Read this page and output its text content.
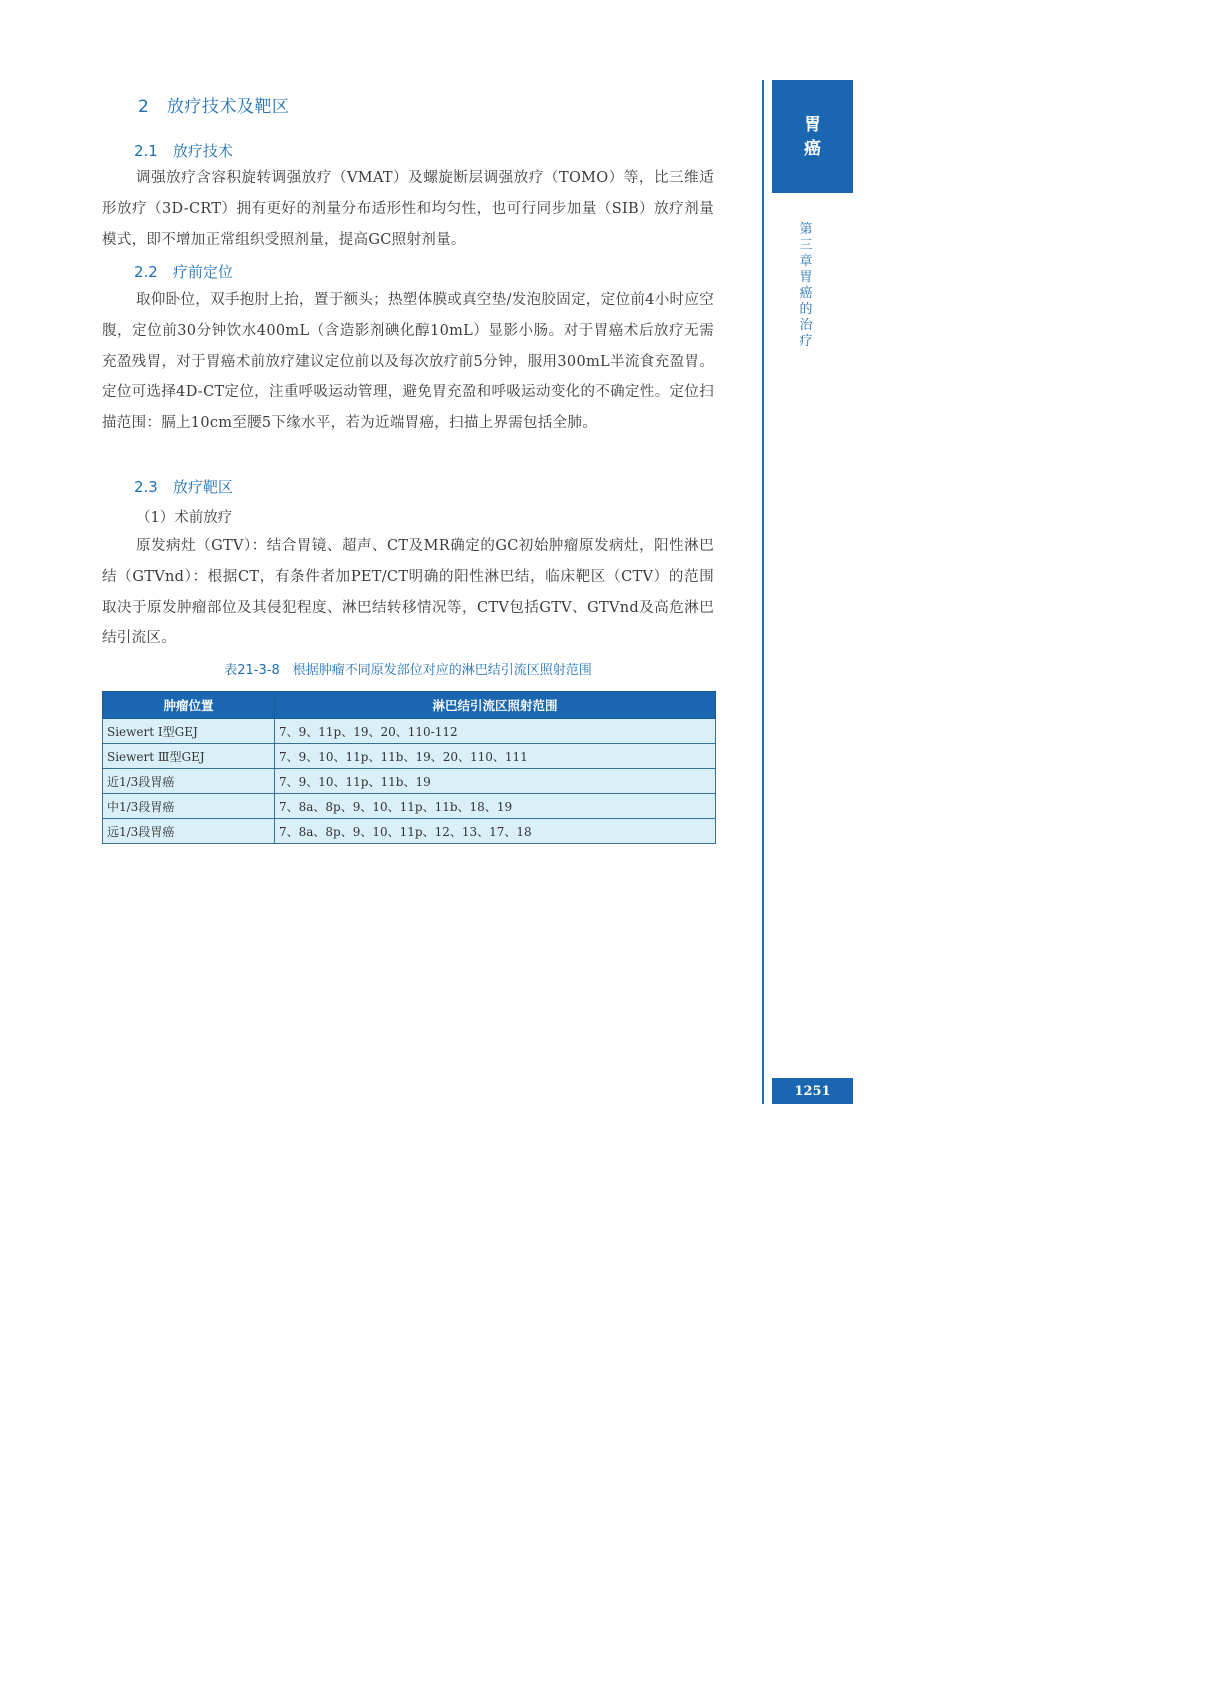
2　放疗技术及靶区
2.1　放疗技术
调强放疗含容积旋转调强放疗（VMAT）及螺旋断层调强放疗（TOMO）等，比三维适形放疗（3D-CRT）拥有更好的剂量分布适形性和均匀性，也可行同步加量（SIB）放疗剂量模式，即不增加正常组织受照剂量，提高GC照射剂量。
2.2　疗前定位
取仰卧位，双手抱肘上抬，置于额头；热塑体膜或真空垫/发泡胶固定，定位前4小时应空腹，定位前30分钟饮水400mL（含造影剂碘化醇10mL）显影小肠。对于胃癌术后放疗无需充盈残胃，对于胃癌术前放疗建议定位前以及每次放疗前5分钟，服用300mL半流食充盈胃。定位可选择4D-CT定位，注重呼吸运动管理，避免胃充盈和呼吸运动变化的不确定性。定位扫描范围：膈上10cm至腰5下缘水平，若为近端胃癌，扫描上界需包括全肺。
2.3　放疗靶区
（1）术前放疗
原发病灶（GTV）：结合胃镜、超声、CT及MR确定的GC初始肿瘤原发病灶，阳性淋巴结（GTVnd）：根据CT，有条件者加PET/CT明确的阳性淋巴结，临床靶区（CTV）的范围取决于原发肿瘤部位及其侵犯程度、淋巴结转移情况等，CTV包括GTV、GTVnd及高危淋巴结引流区。
表21-3-8　根据肿瘤不同原发部位对应的淋巴结引流区照射范围
肿瘤位置	淋巴结引流区照射范围
Siewert Ⅰ型GEJ	7、9、11p、19、20、110-112
Siewert Ⅲ型GEJ	7、9、10、11p、11b、19、20、110、111
近1/3段胃癌	7、9、10、11p、11b、19
中1/3段胃癌	7、8a、8p、9、10、11p、11b、18、19
远1/3段胃癌	7、8a、8p、9、10、11p、12、13、17、18
胃
癌
第三章　胃癌的治疗
1251
